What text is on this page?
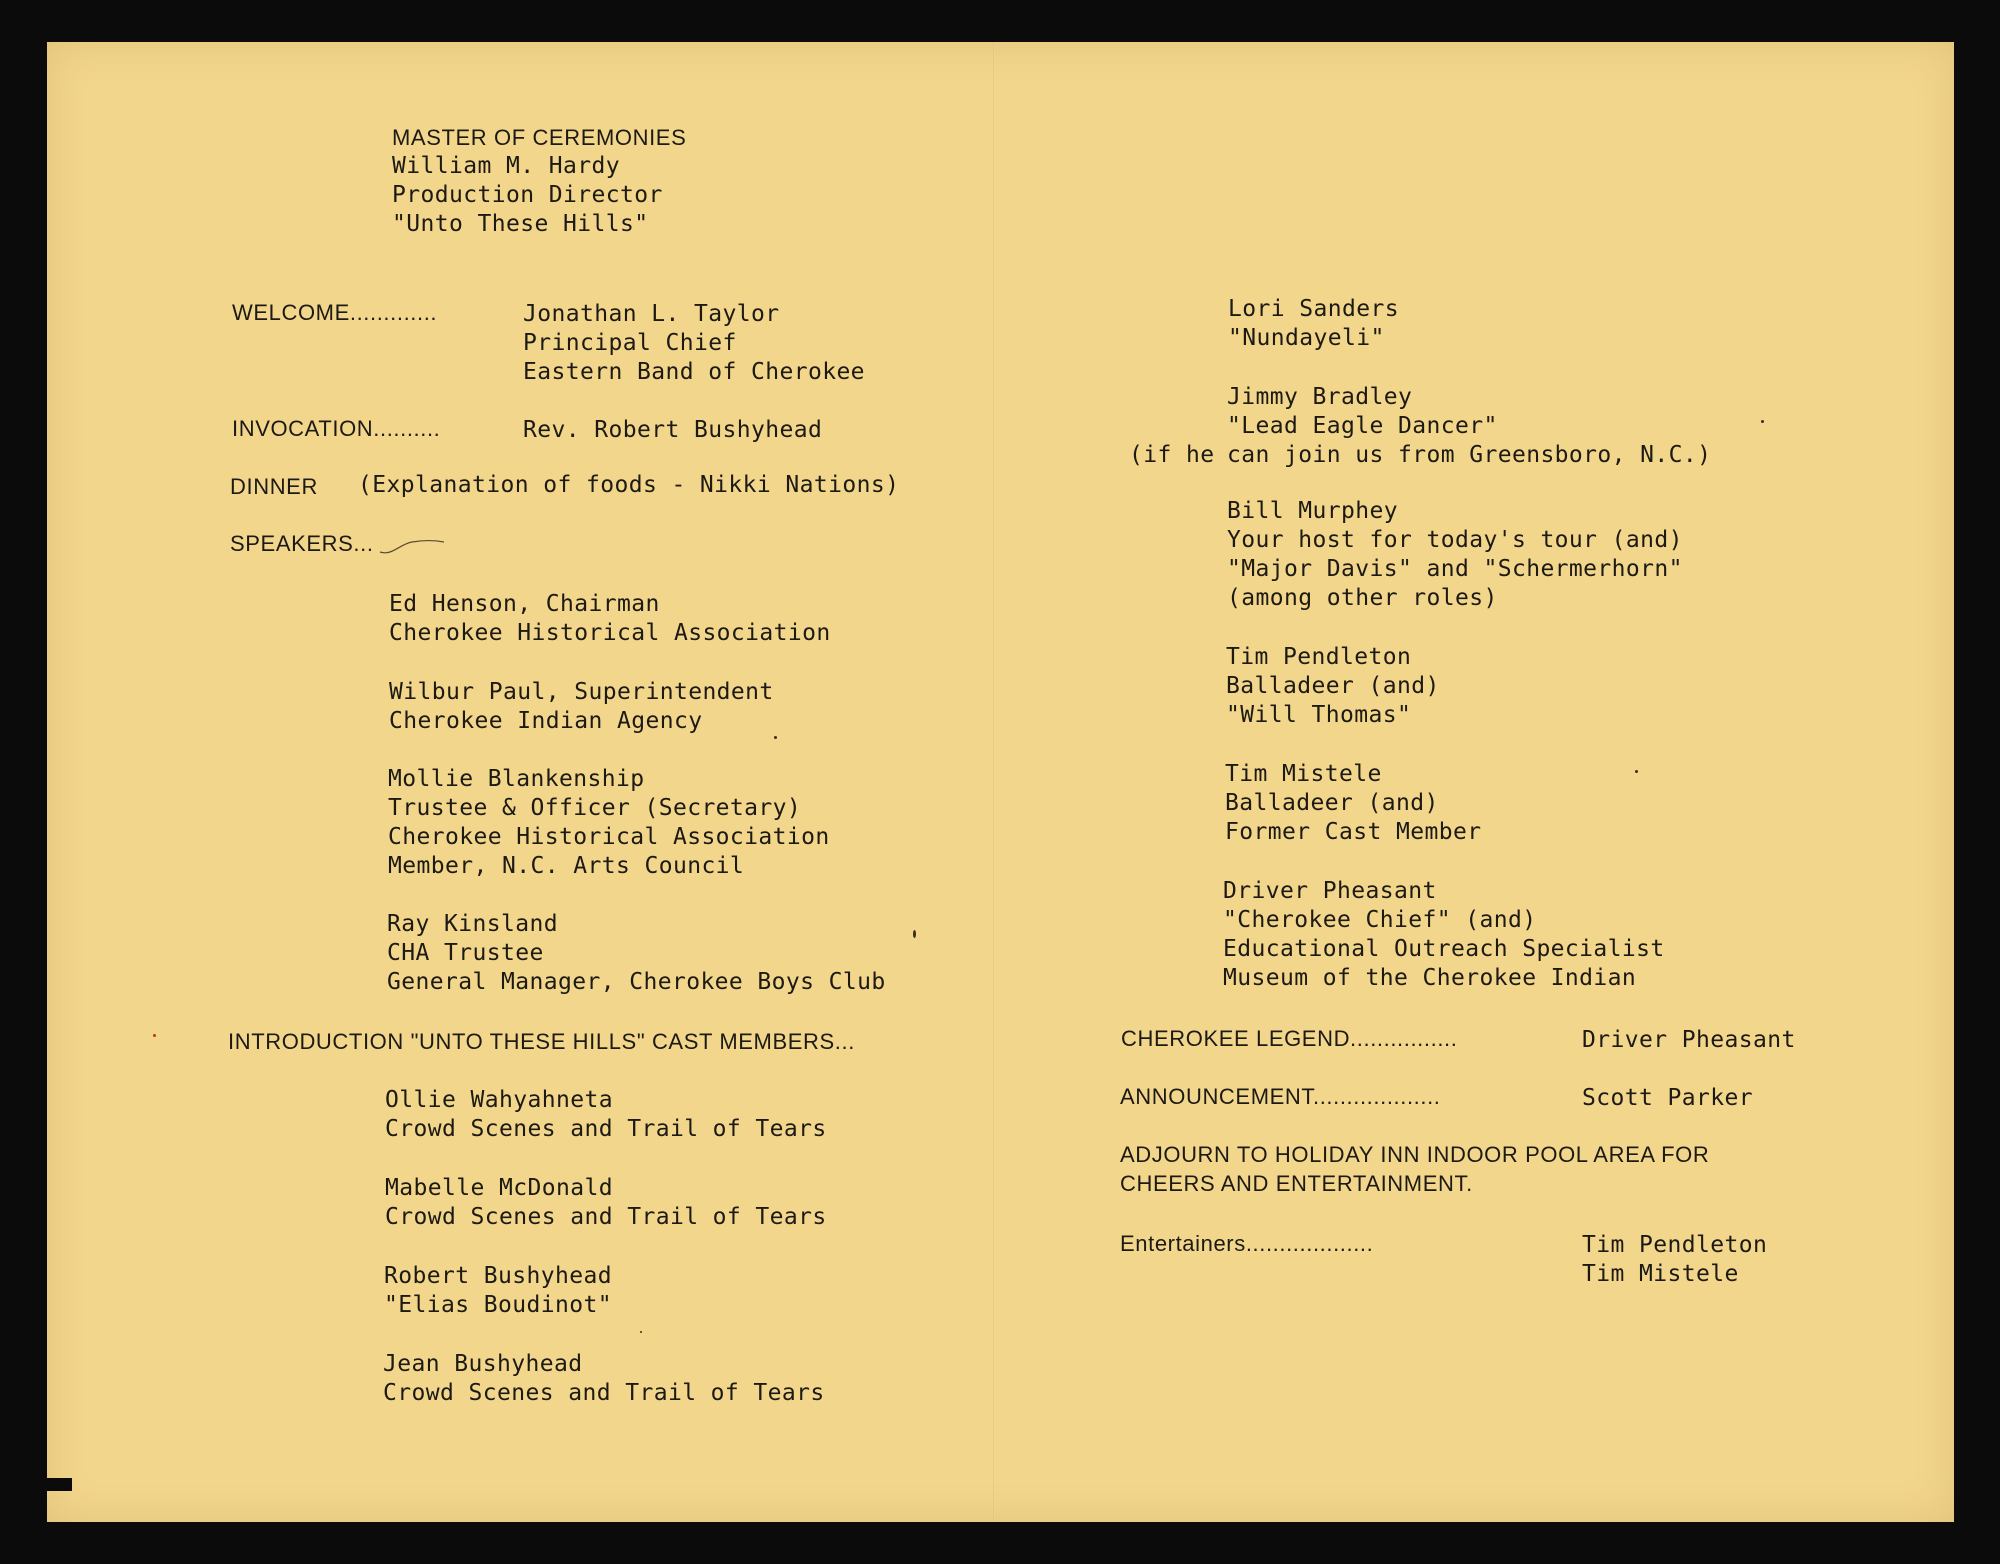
MASTER OF CEREMONIES
William M. Hardy
Production Director
"Unto These Hills"
WELCOME.............	Jonathan L. Taylor
Principal Chief
Eastern Band of Cherokee
INVOCATION..........	Rev. Robert Bushyhead
DINNER (Explanation of foods - Nikki Nations)
SPEAKERS...
Ed Henson, Chairman
Cherokee Historical Association
Wilbur Paul, Superintendent
Cherokee Indian Agency
Mollie Blankenship
Trustee & Officer (Secretary)
Cherokee Historical Association
Member, N.C. Arts Council
Ray Kinsland
CHA Trustee
General Manager, Cherokee Boys Club
INTRODUCTION "UNTO THESE HILLS" CAST MEMBERS...
Ollie Wahyahneta
Crowd Scenes and Trail of Tears
Mabelle McDonald
Crowd Scenes and Trail of Tears
Robert Bushyhead
"Elias Boudinot"
Jean Bushyhead
Crowd Scenes and Trail of Tears
Lori Sanders
"Nundayeli"
Jimmy Bradley
"Lead Eagle Dancer"
can join us from Greensboro, N.C.)
(if he
Bill Murphey
Your host for today's tour (and)
"Major Davis" and "Schermerhorn"
(among other roles)
Tim Pendleton
Balladeer (and)
"Will Thomas"
Tim Mistele
Balladeer (and)
Former Cast Member
Driver Pheasant
"Cherokee Chief" (and)
Educational Outreach Specialist
Museum of the Cherokee Indian
CHEROKEE LEGEND................	Driver Pheasant
ANNOUNCEMENT...................	Scott Parker
ADJOURN TO HOLIDAY INN INDOOR POOL AREA FOR
CHEERS AND ENTERTAINMENT.
Entertainers...................	Tim Pendleton
Tim Mistele
